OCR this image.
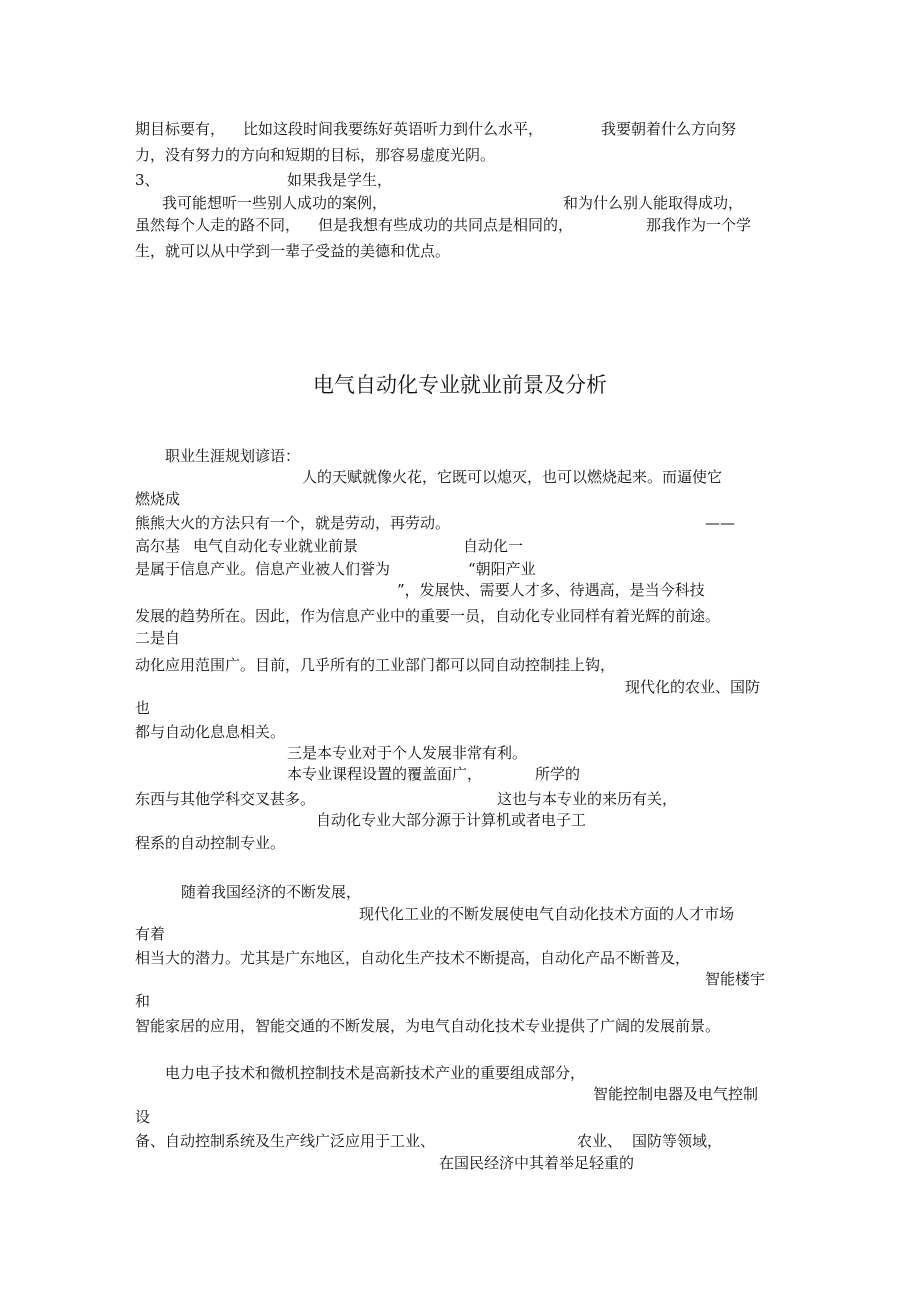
期目标要有， 比如这段时间我要练好英语听力到什么水平，	我要朝着什么方向努
力，没有努力的方向和短期的目标，那容易虚度光阴。
3、	如果我是学生，
我可能想听一些别人成功的案例，	和为什么别人能取得成功，
虽然每个人走的路不同， 但是我想有些成功的共同点是相同的，	那我作为一个学
生，就可以从中学到一辈子受益的美德和优点。
电气自动化专业就业前景及分析
职业生涯规划谚语：
人的天赋就像火花，它既可以熄灭，也可以燃烧起来。而逼使它
燃烧成
熊熊大火的方法只有一个，就是劳动，再劳动。	——
高尔基 电气自动化专业就业前景	自动化一
是属于信息产业。信息产业被人们誉为	“朝阳产业
”，发展快、需要人才多、待遇高，是当今科技
发展的趋势所在。因此，作为信息产业中的重要一员，自动化专业同样有着光辉的前途。
二是自
动化应用范围广。目前，几乎所有的工业部门都可以同自动控制挂上钩，
现代化的农业、国防
也
都与自动化息息相关。
三是本专业对于个人发展非常有利。
本专业课程设置的覆盖面广，	所学的
东西与其他学科交叉甚多。	这也与本专业的来历有关，
自动化专业大部分源于计算机或者电子工
程系的自动控制专业。
随着我国经济的不断发展，
现代化工业的不断发展使电气自动化技术方面的人才市场
有着
相当大的潜力。尤其是广东地区，自动化生产技术不断提高，自动化产品不断普及，
智能楼宇
和
智能家居的应用，智能交通的不断发展，为电气自动化技术专业提供了广阔的发展前景。
电力电子技术和微机控制技术是高新技术产业的重要组成部分，
智能控制电器及电气控制
设
备、自动控制系统及生产线广泛应用于工业、	农业、 国防等领域，
在国民经济中其着举足轻重的
